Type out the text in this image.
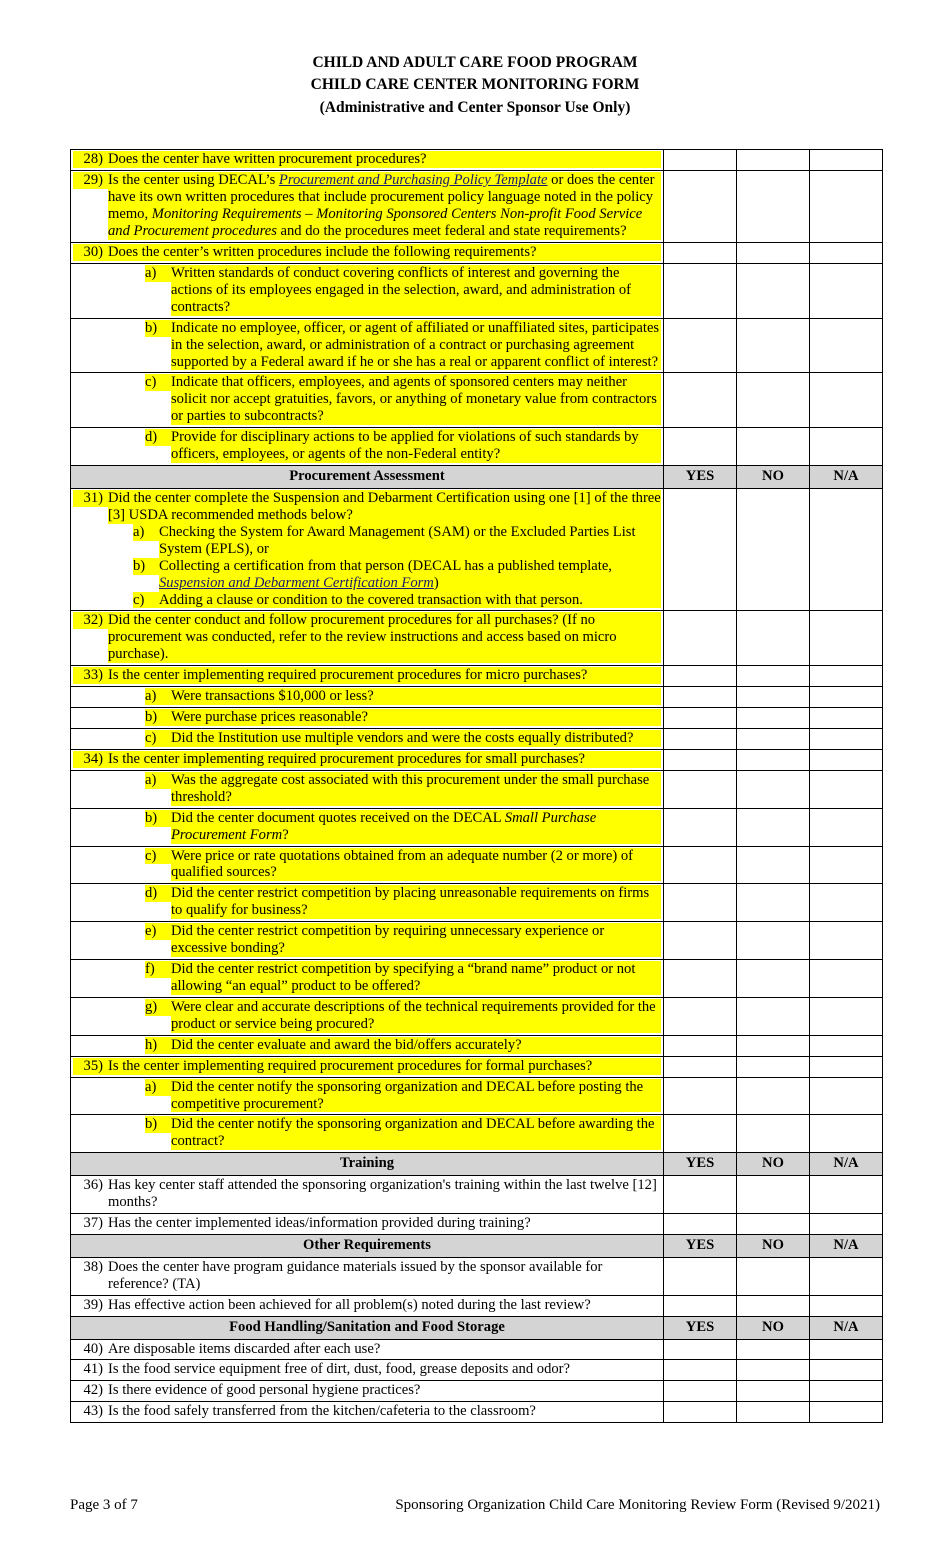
CHILD AND ADULT CARE FOOD PROGRAM
CHILD CARE CENTER MONITORING FORM
(Administrative and Center Sponsor Use Only)
28) Does the center have written procurement procedures?			

29) Is the center using DECAL’s Procurement and Purchasing Policy Template or does the center have its own written procedures that include procurement policy language noted in the policy memo, Monitoring Requirements – Monitoring Sponsored Centers Non-profit Food Service and Procurement procedures and do the procedures meet federal and state requirements?			

30) Does the center’s written procedures include the following requirements?			

a) Written standards of conduct covering conflicts of interest and governing the actions of its employees engaged in the selection, award, and administration of contracts?			

b) Indicate no employee, officer, or agent of affiliated or unaffiliated sites, participates in the selection, award, or administration of a contract or purchasing agreement supported by a Federal award if he or she has a real or apparent conflict of interest?			

c) Indicate that officers, employees, and agents of sponsored centers may neither solicit nor accept gratuities, favors, or anything of monetary value from contractors or parties to subcontracts?			

d) Provide for disciplinary actions to be applied for violations of such standards by officers, employees, or agents of the non-Federal entity?			

Procurement Assessment	YES	NO	N/A

31) Did the center complete the Suspension and Debarment Certification using one [1] of the three [3] USDA recommended methods below?
a)	Checking the System for Award Management (SAM) or the Excluded Parties List System (EPLS), or
b) Collecting a certification from that person (DECAL has a published template, Suspension and Debarment Certification Form)
c)	Adding a clause or condition to the covered transaction with that person.

32) Did the center conduct and follow procurement procedures for all purchases? (If no procurement was conducted, refer to the review instructions and access based on micro purchase).			

33) Is the center implementing required procurement procedures for micro purchases?			

a) Were transactions $10,000 or less?			

b) Were purchase prices reasonable?			

c) Did the Institution use multiple vendors and were the costs equally distributed?			

34) Is the center implementing required procurement procedures for small purchases?			

a) Was the aggregate cost associated with this procurement under the small purchase threshold?			

b) Did the center document quotes received on the DECAL Small Purchase Procurement Form?			

c) Were price or rate quotations obtained from an adequate number (2 or more) of qualified sources?			

d) Did the center restrict competition by placing unreasonable requirements on firms to qualify for business?			

e) Did the center restrict competition by requiring unnecessary experience or excessive bonding?			

f) Did the center restrict competition by specifying a “brand name” product or not allowing “an equal” product to be offered?			

g) Were clear and accurate descriptions of the technical requirements provided for the product or service being procured?			

h) Did the center evaluate and award the bid/offers accurately?			

35) Is the center implementing required procurement procedures for formal purchases?			

a) Did the center notify the sponsoring organization and DECAL before posting the competitive procurement?			

b) Did the center notify the sponsoring organization and DECAL before awarding the contract?			

Training	YES	NO	N/A

36) Has key center staff attended the sponsoring organization's training within the last twelve [12] months?			

37) Has the center implemented ideas/information provided during training?			

Other Requirements	YES	NO	N/A

38) Does the center have program guidance materials issued by the sponsor available for reference? (TA)			

39) Has effective action been achieved for all problem(s) noted during the last review?			

Food Handling/Sanitation and Food Storage	YES	NO	N/A

40) Are disposable items discarded after each use?			

41) Is the food service equipment free of dirt, dust, food, grease deposits and odor?			

42) Is there evidence of good personal hygiene practices?			

43) Is the food safely transferred from the kitchen/cafeteria to the classroom?			

Page 3 of 7	Sponsoring Organization Child Care Monitoring Review Form (Revised 9/2021)
